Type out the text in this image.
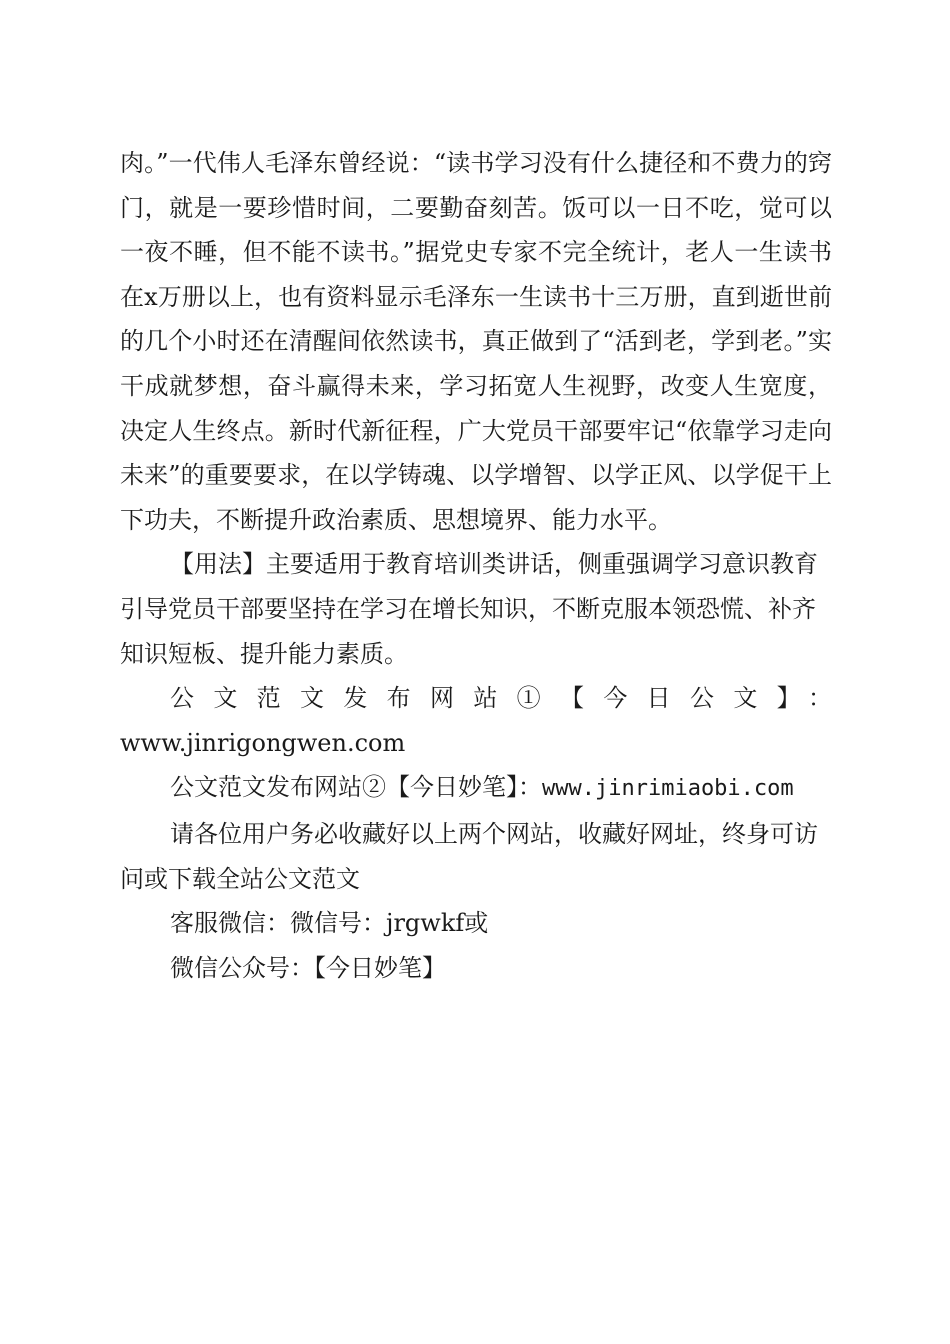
肉。”一代伟人毛泽东曾经说：“读书学习没有什么捷径和不费力的窍门，就是一要珍惜时间，二要勤奋刻苦。饭可以一日不吃，觉可以一夜不睡，但不能不读书。”据党史专家不完全统计，老人一生读书在x万册以上，也有资料显示毛泽东一生读书十三万册，直到逝世前的几个小时还在清醒间依然读书，真正做到了“活到老，学到老。”实干成就梦想，奋斗赢得未来，学习拓宽人生视野，改变人生宽度，决定人生终点。新时代新征程，广大党员干部要牢记“依靠学习走向未来”的重要要求，在以学铸魂、以学增智、以学正风、以学促干上下功夫，不断提升政治素质、思想境界、能力水平。

【用法】主要适用于教育培训类讲话，侧重强调学习意识教育引导党员干部要坚持在学习在增长知识，不断克服本领恐慌、补齐知识短板、提升能力素质。

公文范文发布网站①【今日公文】：

www.jinrigongwen.com

公文范文发布网站②【今日妙笔】：www.jinrimiaobi.com

请各位用户务必收藏好以上两个网站，收藏好网址，终身可访问或下载全站公文范文

客服微信：微信号：jrgwkf或

微信公众号：【今日妙笔】
